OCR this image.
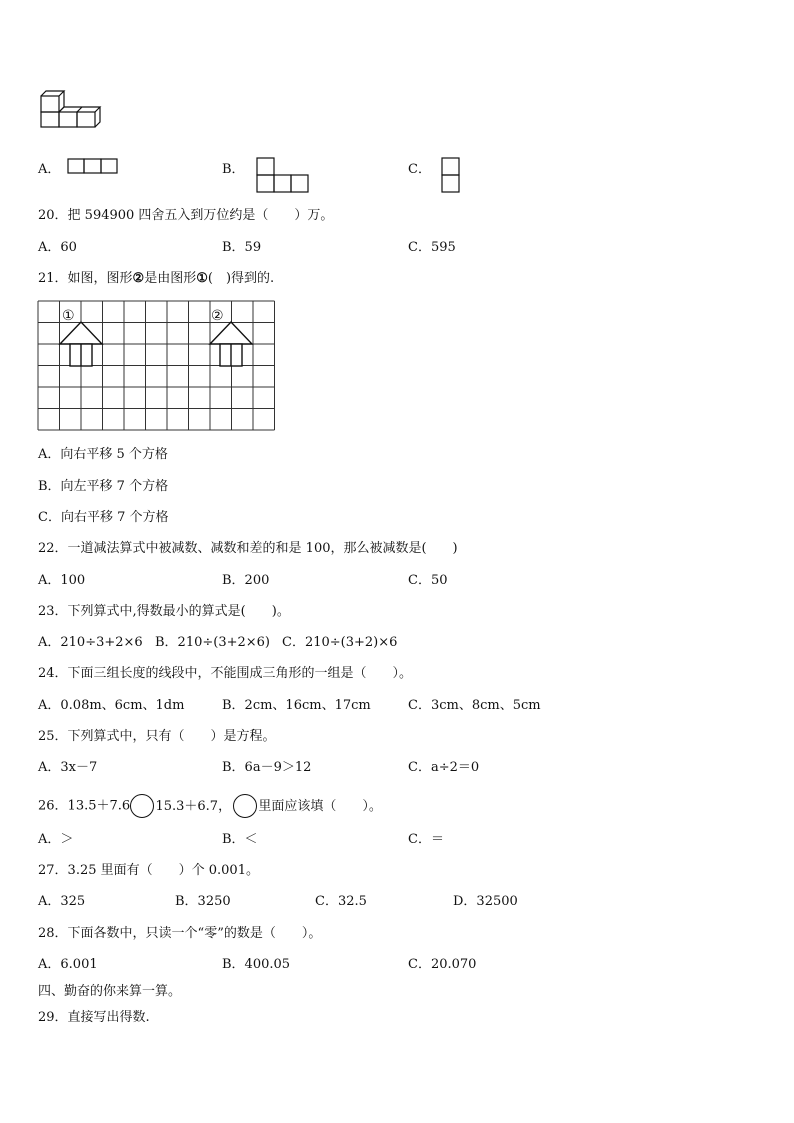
A．	B．	C．
20．把 594900 四舍五入到万位约是（　　）万。
A．60	B．59	C．595
21．如图，图形②是由图形①(　)得到的.
①	②
A．向右平移 5 个方格
B．向左平移 7 个方格
C．向右平移 7 个方格
22．一道减法算式中被减数、减数和差的和是 100，那么被减数是(　　)
A．100	B．200	C．50
23．下列算式中,得数最小的算式是(　　)。
A．210÷3+2×6 B．210÷(3+2×6) C．210÷(3+2)×6
24．下面三组长度的线段中，不能围成三角形的一组是（　　）。
A．0.08m、6cm、1dm	B．2cm、16cm、17cm	C．3cm、8cm、5cm
25．下列算式中，只有（　　）是方程。
A．3x－7	B．6a－9＞12	C．a÷2＝0
26．13.5＋7.6 15.3＋6.7， 里面应该填（　　）。
A．＞	B．＜	C．＝
27．3.25 里面有（　　）个 0.001。
A．325	B．3250	C．32.5	D．32500
28．下面各数中，只读一个“零”的数是（　　）。
A．6.001	B．400.05	C．20.070
四、勤奋的你来算一算。
29．直接写出得数.
